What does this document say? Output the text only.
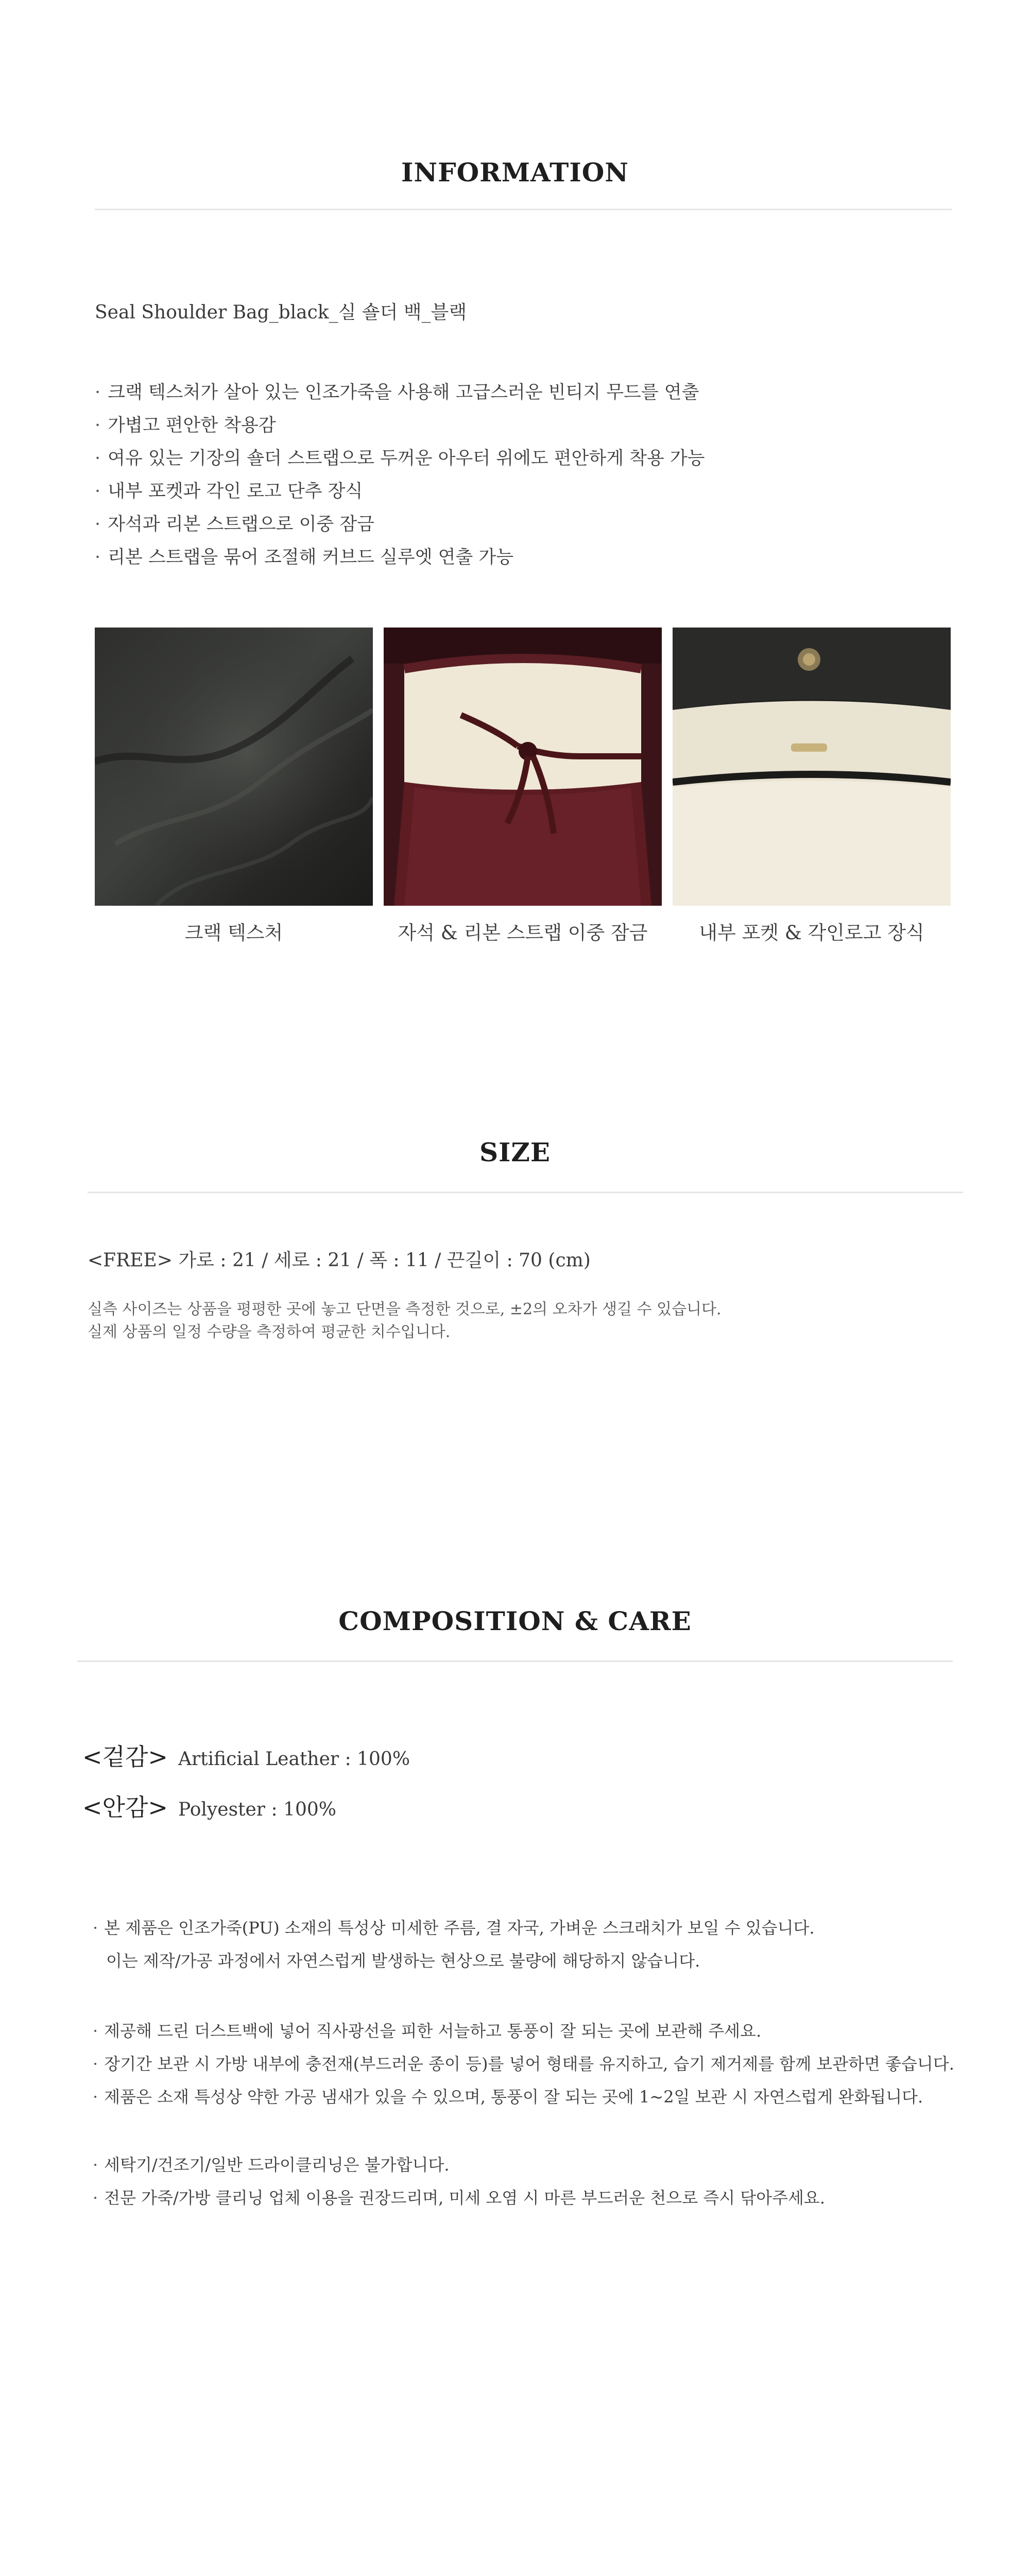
INFORMATION
Seal Shoulder Bag_black_실 숄더 백_블랙
· 크랙 텍스처가 살아 있는 인조가죽을 사용해 고급스러운 빈티지 무드를 연출
· 가볍고 편안한 착용감
· 여유 있는 기장의 숄더 스트랩으로 두꺼운 아우터 위에도 편안하게 착용 가능
· 내부 포켓과 각인 로고 단추 장식
· 자석과 리본 스트랩으로 이중 잠금
· 리본 스트랩을 묶어 조절해 커브드 실루엣 연출 가능
크랙 텍스처	자석 & 리본 스트랩 이중 잠금	내부 포켓 & 각인로고 장식
SIZE
<FREE> 가로 : 21 / 세로 : 21 / 폭 : 11 / 끈길이 : 70 (cm)
실측 사이즈는 상품을 평평한 곳에 놓고 단면을 측정한 것으로, ±2의 오차가 생길 수 있습니다.
실제 상품의 일정 수량을 측정하여 평균한 치수입니다.
COMPOSITION & CARE
<겉감> Artificial Leather : 100%
<안감> Polyester : 100%
· 본 제품은 인조가죽(PU) 소재의 특성상 미세한 주름, 결 자국, 가벼운 스크래치가 보일 수 있습니다.
이는 제작/가공 과정에서 자연스럽게 발생하는 현상으로 불량에 해당하지 않습니다.
· 제공해 드린 더스트백에 넣어 직사광선을 피한 서늘하고 통풍이 잘 되는 곳에 보관해 주세요.
· 장기간 보관 시 가방 내부에 충전재(부드러운 종이 등)를 넣어 형태를 유지하고, 습기 제거제를 함께 보관하면 좋습니다.
· 제품은 소재 특성상 약한 가공 냄새가 있을 수 있으며, 통풍이 잘 되는 곳에 1~2일 보관 시 자연스럽게 완화됩니다.
· 세탁기/건조기/일반 드라이클리닝은 불가합니다.
· 전문 가죽/가방 클리닝 업체 이용을 권장드리며, 미세 오염 시 마른 부드러운 천으로 즉시 닦아주세요.
